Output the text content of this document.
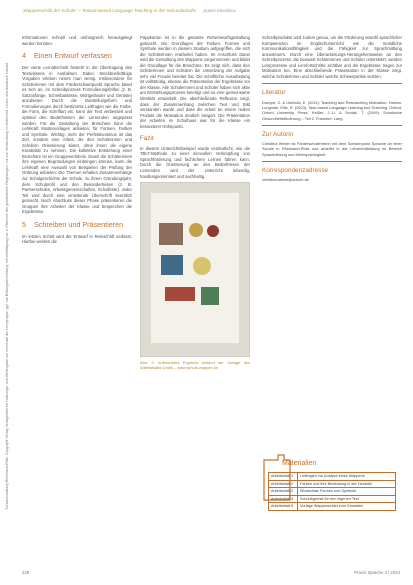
Schulverwaltung Rheinland-Pfalz, Copyright Verlag Verlagsinternes Nutzungs- und Weitergabe nur innerhalb der Lerngruppe, ggf. nur Bildungseinrichtung, Vervielfältigung nur im Rahmen der gesetzlichen Regelungen, nur zur Verwendung im Unterricht. Lesen und Ausdruck erlaubt.
„Wappenschild der Schule“ – Textual-Based Language Teaching in der Sekundarstufe praxis-ideenbox

Informationen schnell und umfangreich herausgelegt werden konnten.

4 Einen Entwurf verfassen

Der vierte Lernabschnitt besteht in der Übertragung des Textwissens in Ausfaktum. Dabei: Steckbriefe/Blogs Vorgaben erleben nimmt man wenig. Insbesondere für Schülerinnen mit dem Förderschwerpunkt Sprache bietet es sich an, im Schreibprozess Formulierungshilfen (z. B. Satzanfänge, Schreibanlässe, Wortgeländer und Gerüste) anzubieten. Durch die Darstellungsform und Formulierungen durch bestimmte Leitfragen wie die Farbe, die Form, die Schriftart etc. kann der Text verbessert und optimal den Bedürfnissen der Lernenden angepasst werden. Für die Gestaltung der Broschüre kann die Lehrkraft Mustervorlagen anbieten, für Formen, Farben und Symbole. Wichtig: nicht der Perfektionismus ist das Ziel, sondern eine Arbeit, die den Schülerinnen und Schülern Orientierung bietet, ohne ihnen die eigene Kreativität zu nehmen. Die kollektive Entstehung einer Broschüre ist ein Gruppenerlebnis. Damit die Schülerinnen ihre eigenen Begründungen einbringen können, kann die Lehrkraft eine Auswahl von Beispielen der Prüfung der Ordnung anbieten. Die Themen erhalten Zusammenhänge zur Schulgeschichte der Schule, zu ihrem Gründungsjahr, dem Schulprofil und den Besonderheiten (z. B. Partnerschulen, Arbeitsgemeinschaften, Schulfeste). Jeder Teil wird durch eine einleitende Überschrift kenntlich gemacht. Nach Abschluss dieser Phase präsentieren die Gruppen ihre Arbeiten der Klasse und besprechen die Ergebnisse.

5 Schreiben und Präsentieren

Im letzten Schritt wird der Entwurf in Reinschrift verfasst. Hierbei werden die

Pappkarton ist in die gesamte Rohentwurfsgestaltung gebracht. Die Grundlagen der Farben, Formen und Symbole werden in diesem Stadium aufgegriffen, die sich die Schülerinnen erarbeitet haben. Im Anschluss daran wird die Gestaltung des Wappens vorgenommen und bildet die Grundlage für die Broschüre. Es zeigt sich, dass den Schülerinnen und Schülern die Umsetzung der Aufgabe sehr viel Freude bereitet hat. Die schriftliche Ausarbeitung ist vollständig, ebenso die Präsentation der Ergebnisse vor der Klasse. Alle Schülerinnen und Schüler haben sich aktiv am Entstehungsprozess beteiligt und so eine gemeinsame Identität entwickelt. Die abschließende Reflexion zeigt, dass der Zusammenhang zwischen Text und Bild verstanden wurde und dass die Arbeit an einem realen Produkt die Motivation deutlich steigert. Die Präsentation der Arbeiten im Schulhaus war für die Klasse ein besonderer Höhepunkt.

Fazit

In diesem Unterrichtsbeispiel wurde verdeutlicht, wie die TBLT-Methode zu einer sinnvollen Verknüpfung von Sprachförderung und fachlichem Lernen führen kann. Durch die Orientierung an den Bedürfnissen der Lernenden wird der Unterricht lebendig, handlungsorientiert und nachhaltig.

Abb. 2: Individuelles Ergebnis anhand der Vorlage des Arbeitsblatts Grafik – www.schule-wappen.de

Schreibprodukts wird zudem genau, um die Förderung sowohl sprachlicher Kompetenzen im Englischunterricht wie die mündliche Kommunikationsfähigkeit und die Fähigkeit zur Sprachmittlung anzusteuern. Durch eine Überarbeitungs-Herangehensweise an den Schreibprozess, die bewusst Schülerinnen und Schüler unterstützt, werden Lernprozesse und Lernfortschritte sichtbar und die Ergebnisse tragen zur Motivation bei. Eine abschließende Präsentation in der Klasse zeigt, welche Schülerinnen und Schüler welche Schwerpunkte setzten.

Literatur

Dornyei, Z. & Ushioda, E. (2011): Teaching and Researching Motivation. Harlow: Longman. Ellis, R. (2003): Task-based Language Learning and Teaching. Oxford: Oxford University Press. Keßler, J.-U. & Schlak, T. (2009): Schulische Gesundheitsförderung – Teil 2. Frankfurt: Lang.

Zur Autorin

Christina Weber ist Förderschullehrerin mit dem Schwerpunkt Sprache an einer Schule in Rheinland-Pfalz und arbeitet in der Lehrerfortbildung im Bereich Sprachbildung und Mehrsprachigkeit.

Korrespondenzadresse

christina.weber@schule.de

Materialien
Arbeitsblatt 1	Leitfragen zur Analyse eines Wappens
Arbeitsblatt 2	Farben und ihre Bedeutung in der Heraldik
Arbeitsblatt 3	Wortschatz Formen und Symbole
Arbeitsblatt 4	Schreibgerüst für den eigenen Text
Arbeitsblatt 5	Vorlage Wappenschild zum Gestalten
228	Praxis Sprache 4 | 2024
